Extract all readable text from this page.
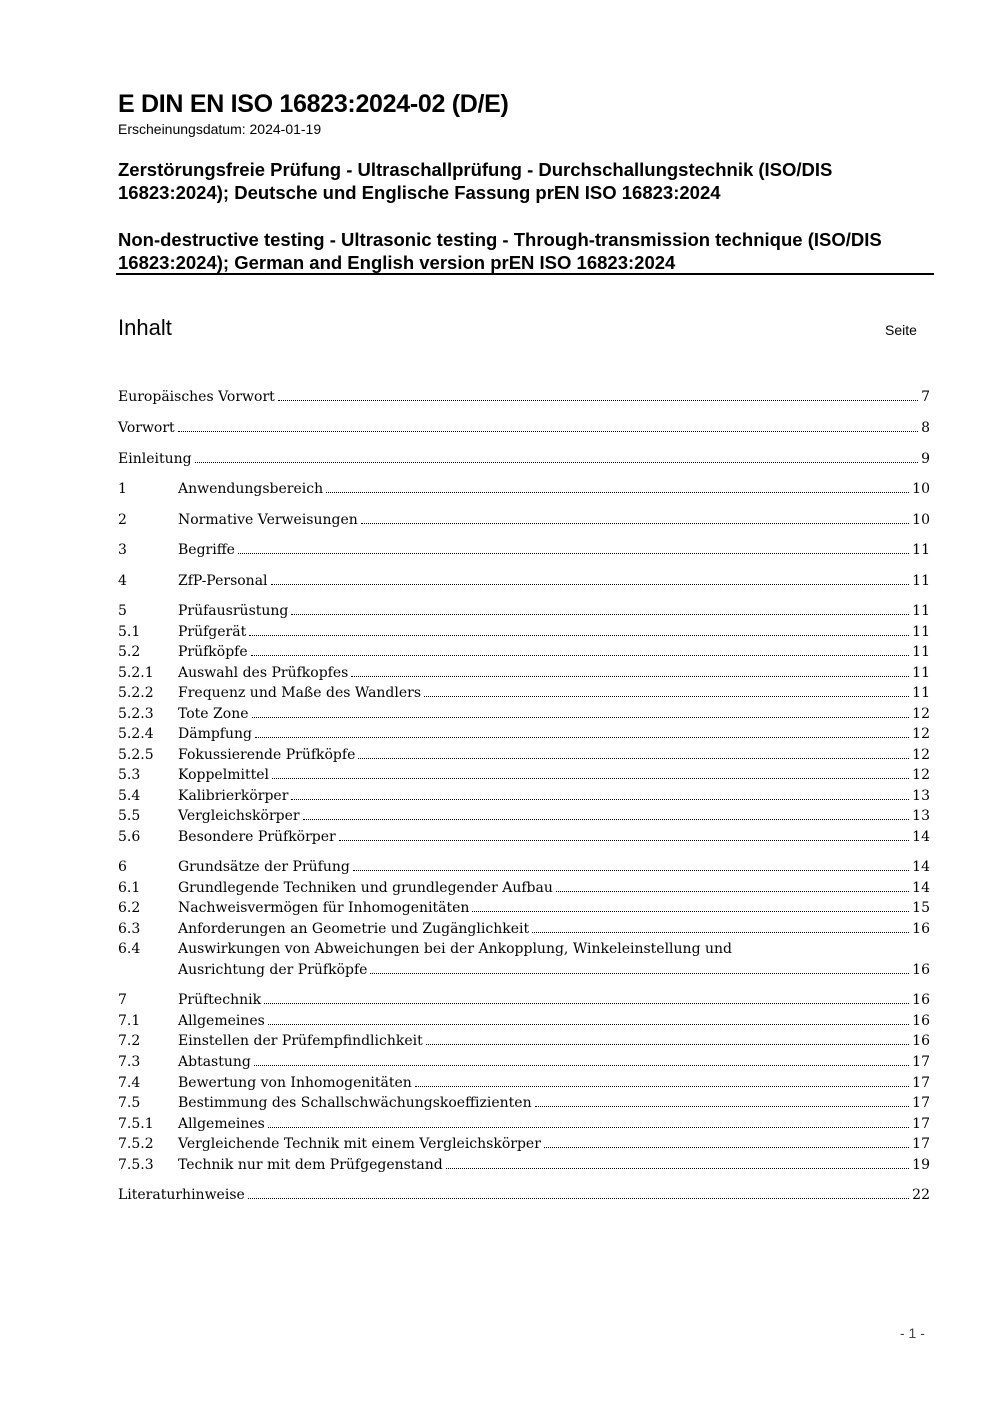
E DIN EN ISO 16823:2024-02 (D/E)
Erscheinungsdatum: 2024-01-19
Zerstörungsfreie Prüfung - Ultraschallprüfung - Durchschallungstechnik (ISO/DIS 16823:2024); Deutsche und Englische Fassung prEN ISO 16823:2024
Non-destructive testing - Ultrasonic testing - Through-transmission technique (ISO/DIS 16823:2024); German and English version prEN ISO 16823:2024
Inhalt	Seite
Europäisches Vorwort	7
Vorwort	8
Einleitung	9
1	Anwendungsbereich	10
2	Normative Verweisungen	10
3	Begriffe	11
4	ZfP-Personal	11
5	Prüfausrüstung	11
5.1	Prüfgerät	11
5.2	Prüfköpfe	11
5.2.1 Auswahl des Prüfkopfes	11
5.2.2 Frequenz und Maße des Wandlers	11
5.2.3 Tote Zone	12
5.2.4 Dämpfung	12
5.2.5 Fokussierende Prüfköpfe	12
5.3	Koppelmittel	12
5.4	Kalibrierkörper	13
5.5	Vergleichskörper	13
5.6	Besondere Prüfkörper	14
6	Grundsätze der Prüfung	14
6.1	Grundlegende Techniken und grundlegender Aufbau	14
6.2	Nachweisvermögen für Inhomogenitäten	15
6.3	Anforderungen an Geometrie und Zugänglichkeit	16
6.4	Auswirkungen von Abweichungen bei der Ankopplung, Winkeleinstellung und
Ausrichtung der Prüfköpfe	16
7	Prüftechnik	16
7.1	Allgemeines	16
7.2	Einstellen der Prüfempfindlichkeit	16
7.3	Abtastung	17
7.4	Bewertung von Inhomogenitäten	17
7.5	Bestimmung des Schallschwächungskoeffizienten	17
7.5.1 Allgemeines	17
7.5.2 Vergleichende Technik mit einem Vergleichskörper	17
7.5.3 Technik nur mit dem Prüfgegenstand	19
Literaturhinweise	22
- 1 -
